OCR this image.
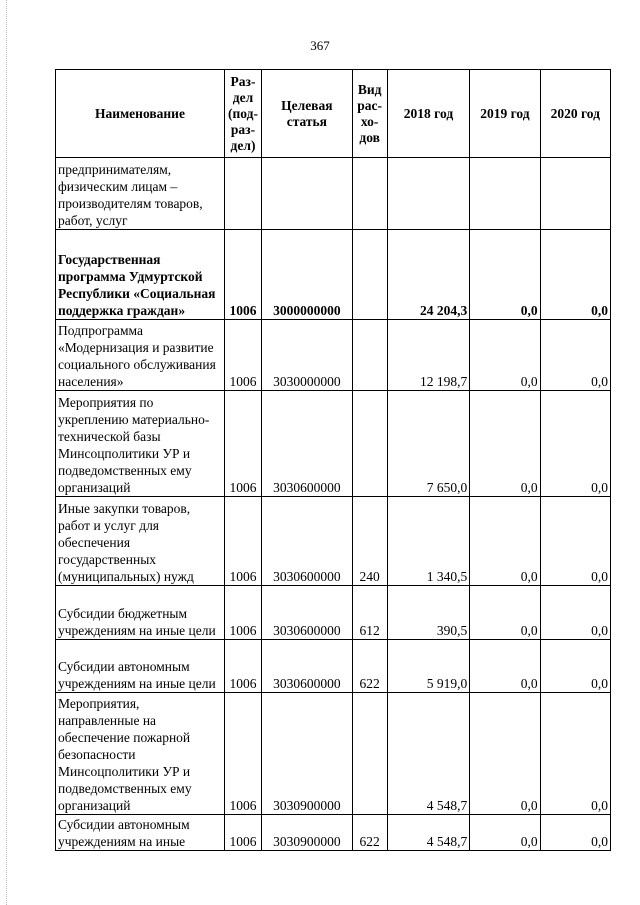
367
Наименование	Раз-дел (под-раз-дел)	Целевая статья	Вид рас-хо-дов	2018 год	2019 год	2020 год
предпринимателям, физическим лицам – производителям товаров, работ, услуг						
Государственная программа Удмуртской Республики «Социальная поддержка граждан»	1006	3000000000		24 204,3	0,0	0,0
Подпрограмма «Модернизация и развитие социального обслуживания населения»	1006	3030000000		12 198,7	0,0	0,0
Мероприятия по укреплению материально-технической базы Минсоцполитики УР и подведомственных ему организаций	1006	3030600000		7 650,0	0,0	0,0
Иные закупки товаров, работ и услуг для обеспечения государственных (муниципальных) нужд	1006	3030600000	240	1 340,5	0,0	0,0
Субсидии бюджетным учреждениям на иные цели	1006	3030600000	612	390,5	0,0	0,0
Субсидии автономным учреждениям на иные цели	1006	3030600000	622	5 919,0	0,0	0,0
Мероприятия, направленные на обеспечение пожарной безопасности Минсоцполитики УР и подведомственных ему организаций	1006	3030900000		4 548,7	0,0	0,0
Субсидии автономным учреждениям на иные	1006	3030900000	622	4 548,7	0,0	0,0
